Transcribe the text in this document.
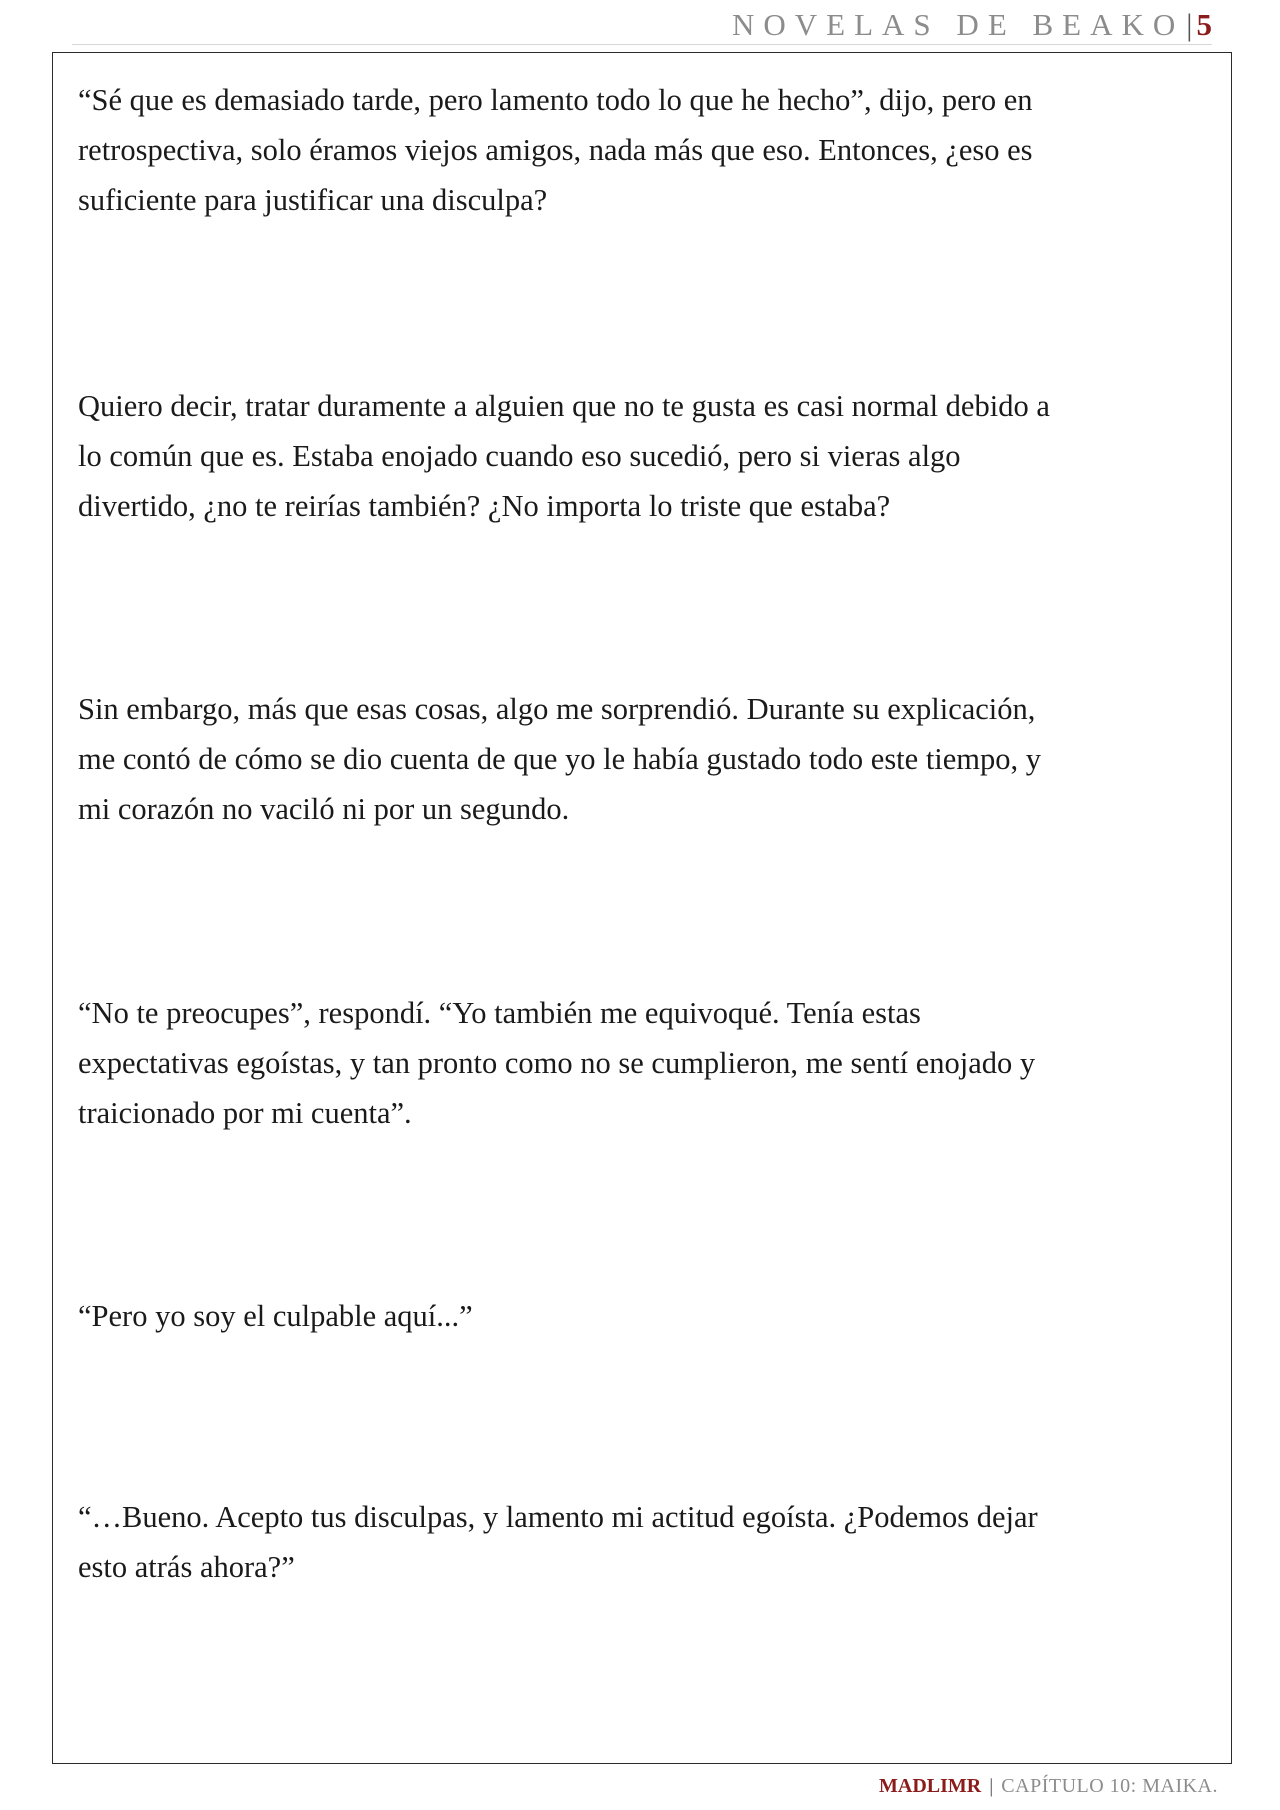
NOVELAS DE BEAKO | 5

“Sé que es demasiado tarde, pero lamento todo lo que he hecho”, dijo, pero en
retrospectiva, solo éramos viejos amigos, nada más que eso. Entonces, ¿eso es
suficiente para justificar una disculpa?

Quiero decir, tratar duramente a alguien que no te gusta es casi normal debido a
lo común que es. Estaba enojado cuando eso sucedió, pero si vieras algo
divertido, ¿no te reirías también? ¿No importa lo triste que estaba?

Sin embargo, más que esas cosas, algo me sorprendió. Durante su explicación,
me contó de cómo se dio cuenta de que yo le había gustado todo este tiempo, y
mi corazón no vaciló ni por un segundo.

“No te preocupes”, respondí. “Yo también me equivoqué. Tenía estas
expectativas egoístas, y tan pronto como no se cumplieron, me sentí enojado y
traicionado por mi cuenta”.

“Pero yo soy el culpable aquí...”

“…Bueno. Acepto tus disculpas, y lamento mi actitud egoísta. ¿Podemos dejar
esto atrás ahora?”

MADLIMR | CAPÍTULO 10: MAIKA.
